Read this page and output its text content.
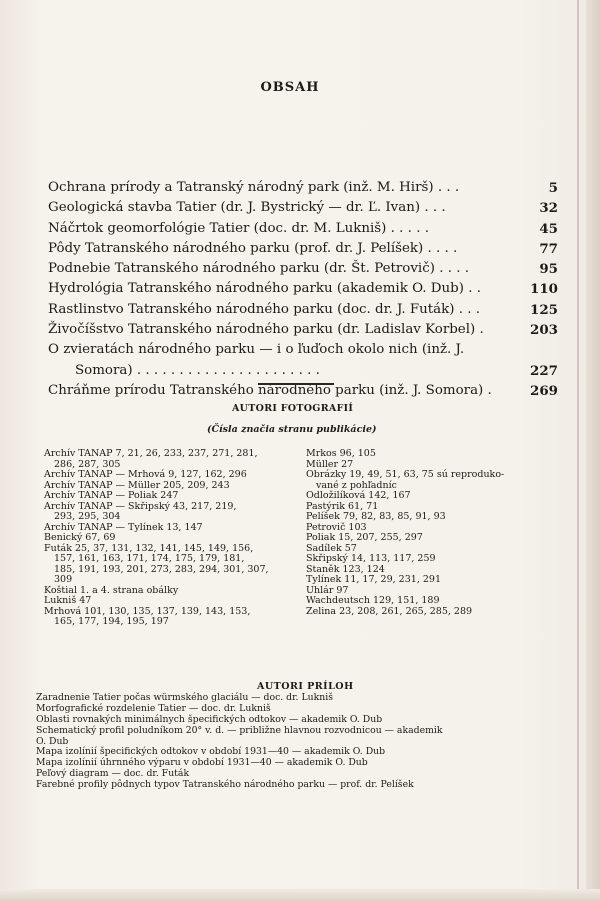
OBSAH
Ochrana prírody a Tatranský národný park (inž. M. Hirš) . . .	5
Geologická stavba Tatier (dr. J. Bystrický — dr. Ľ. Ivan) . . .	32
Náčrtok geomorfológie Tatier (doc. dr. M. Lukniš) . . . . .	45
Pôdy Tatranského národného parku (prof. dr. J. Pelíšek) . . . .	77
Podnebie Tatranského národného parku (dr. Št. Petrovič) . . . .	95
Hydrológia Tatranského národného parku (akademik O. Dub) . .	110
Rastlinstvo Tatranského národného parku (doc. dr. J. Futák) . . .	125
Živočíšstvo Tatranského národného parku (dr. Ladislav Korbel) .	203
O zvieratách národného parku — i o ľuďoch okolo nich (inž. J.
Somora) . . . . . . . . . . . . . . . . . . . . . .	227
Chráňme prírodu Tatranského národného parku (inž. J. Somora) .	269
AUTORI FOTOGRAFIÍ
(Čísla značia stranu publikácie)
Archív TANAP 7, 21, 26, 233, 237, 271, 281,
286, 287, 305
Archív TANAP — Mrhová 9, 127, 162, 296
Archív TANAP — Müller 205, 209, 243
Archív TANAP — Poliak 247
Archív TANAP — Skřipský 43, 217, 219,
293, 295, 304
Archív TANAP — Tylínek 13, 147
Benický 67, 69
Futák 25, 37, 131, 132, 141, 145, 149, 156,
157, 161, 163, 171, 174, 175, 179, 181,
185, 191, 193, 201, 273, 283, 294, 301, 307,
309
Koštial 1. a 4. strana obálky
Lukniš 47
Mrhová 101, 130, 135, 137, 139, 143, 153,
165, 177, 194, 195, 197
Mrkos 96, 105
Müller 27
Obrázky 19, 49, 51, 63, 75 sú reproduko-
vané z pohľadníc
Odložilíková 142, 167
Pastýrik 61, 71
Pelíšek 79, 82, 83, 85, 91, 93
Petrovič 103
Poliak 15, 207, 255, 297
Sadílek 57
Skřipský 14, 113, 117, 259
Staněk 123, 124
Tylínek 11, 17, 29, 231, 291
Uhlár 97
Wachdeutsch 129, 151, 189
Zelina 23, 208, 261, 265, 285, 289
AUTORI PRÍLOH
Zaradnenie Tatier počas würmského glaciálu — doc. dr. Lukniš
Morfografické rozdelenie Tatier — doc. dr. Lukniš
Oblasti rovnakých minimálnych špecifických odtokov — akademik O. Dub
Schematický profil poludníkom 20° v. d. — približne hlavnou rozvodnicou — akademik
O. Dub
Mapa izolínií špecifických odtokov v období 1931—40 — akademik O. Dub
Mapa izolínií úhrnného výparu v období 1931—40 — akademik O. Dub
Peľový diagram — doc. dr. Futák
Farebné profily pôdnych typov Tatranského národného parku — prof. dr. Pelíšek
